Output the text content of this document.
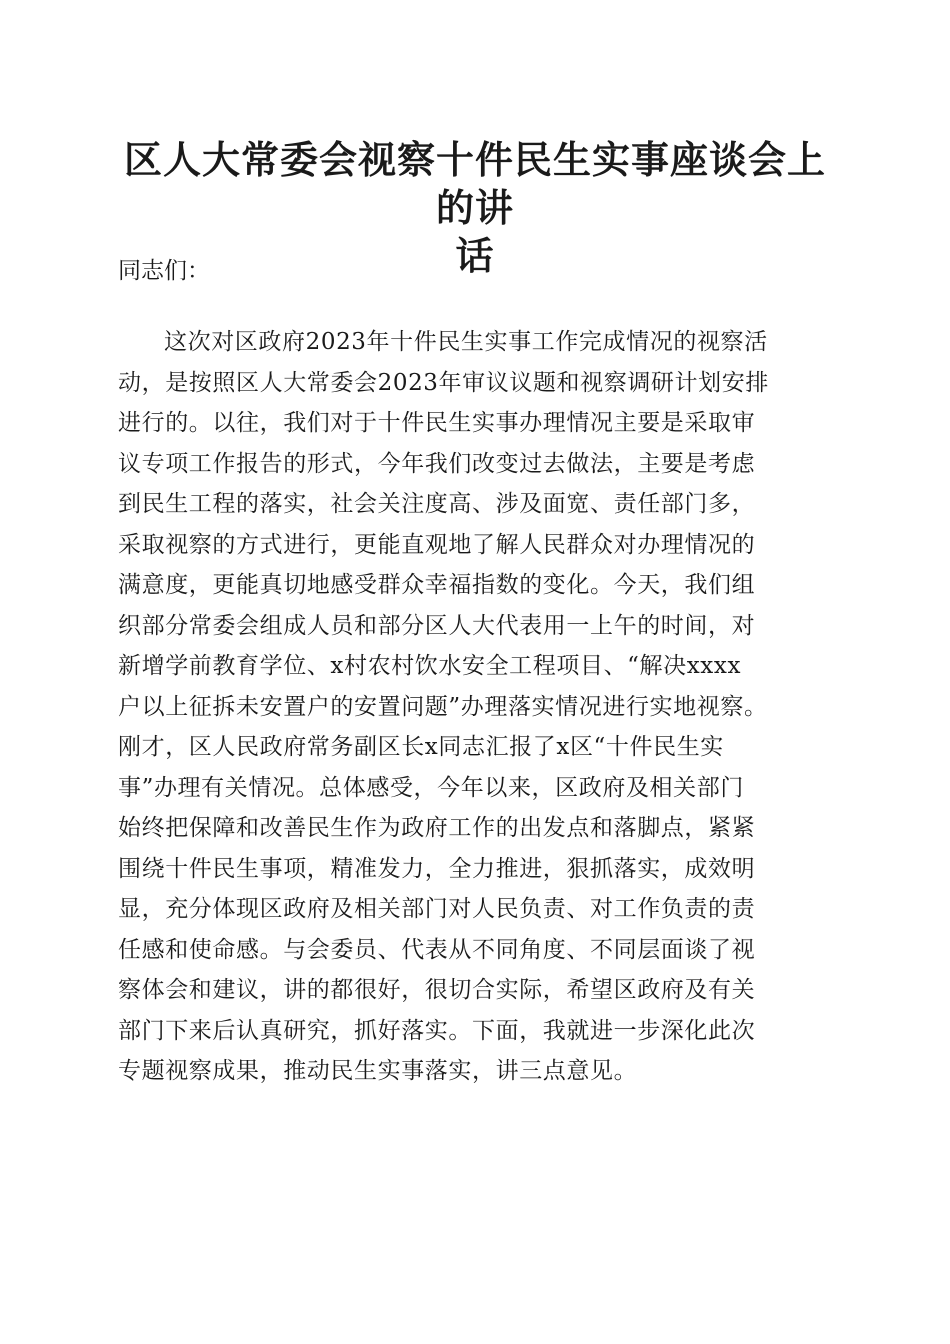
区人大常委会视察十件民生实事座谈会上的讲
话

同志们：

这次对区政府2023年十件民生实事工作完成情况的视察活
动，是按照区人大常委会2023年审议议题和视察调研计划安排
进行的。以往，我们对于十件民生实事办理情况主要是采取审
议专项工作报告的形式，今年我们改变过去做法，主要是考虑
到民生工程的落实，社会关注度高、涉及面宽、责任部门多，
采取视察的方式进行，更能直观地了解人民群众对办理情况的
满意度，更能真切地感受群众幸福指数的变化。今天，我们组
织部分常委会组成人员和部分区人大代表用一上午的时间，对
新增学前教育学位、x村农村饮水安全工程项目、“解决xxxx
户以上征拆未安置户的安置问题”办理落实情况进行实地视察。
刚才，区人民政府常务副区长x同志汇报了x区“十件民生实
事”办理有关情况。总体感受，今年以来，区政府及相关部门
始终把保障和改善民生作为政府工作的出发点和落脚点，紧紧
围绕十件民生事项，精准发力，全力推进，狠抓落实，成效明
显，充分体现区政府及相关部门对人民负责、对工作负责的责
任感和使命感。与会委员、代表从不同角度、不同层面谈了视
察体会和建议，讲的都很好，很切合实际，希望区政府及有关
部门下来后认真研究，抓好落实。下面，我就进一步深化此次
专题视察成果，推动民生实事落实，讲三点意见。
